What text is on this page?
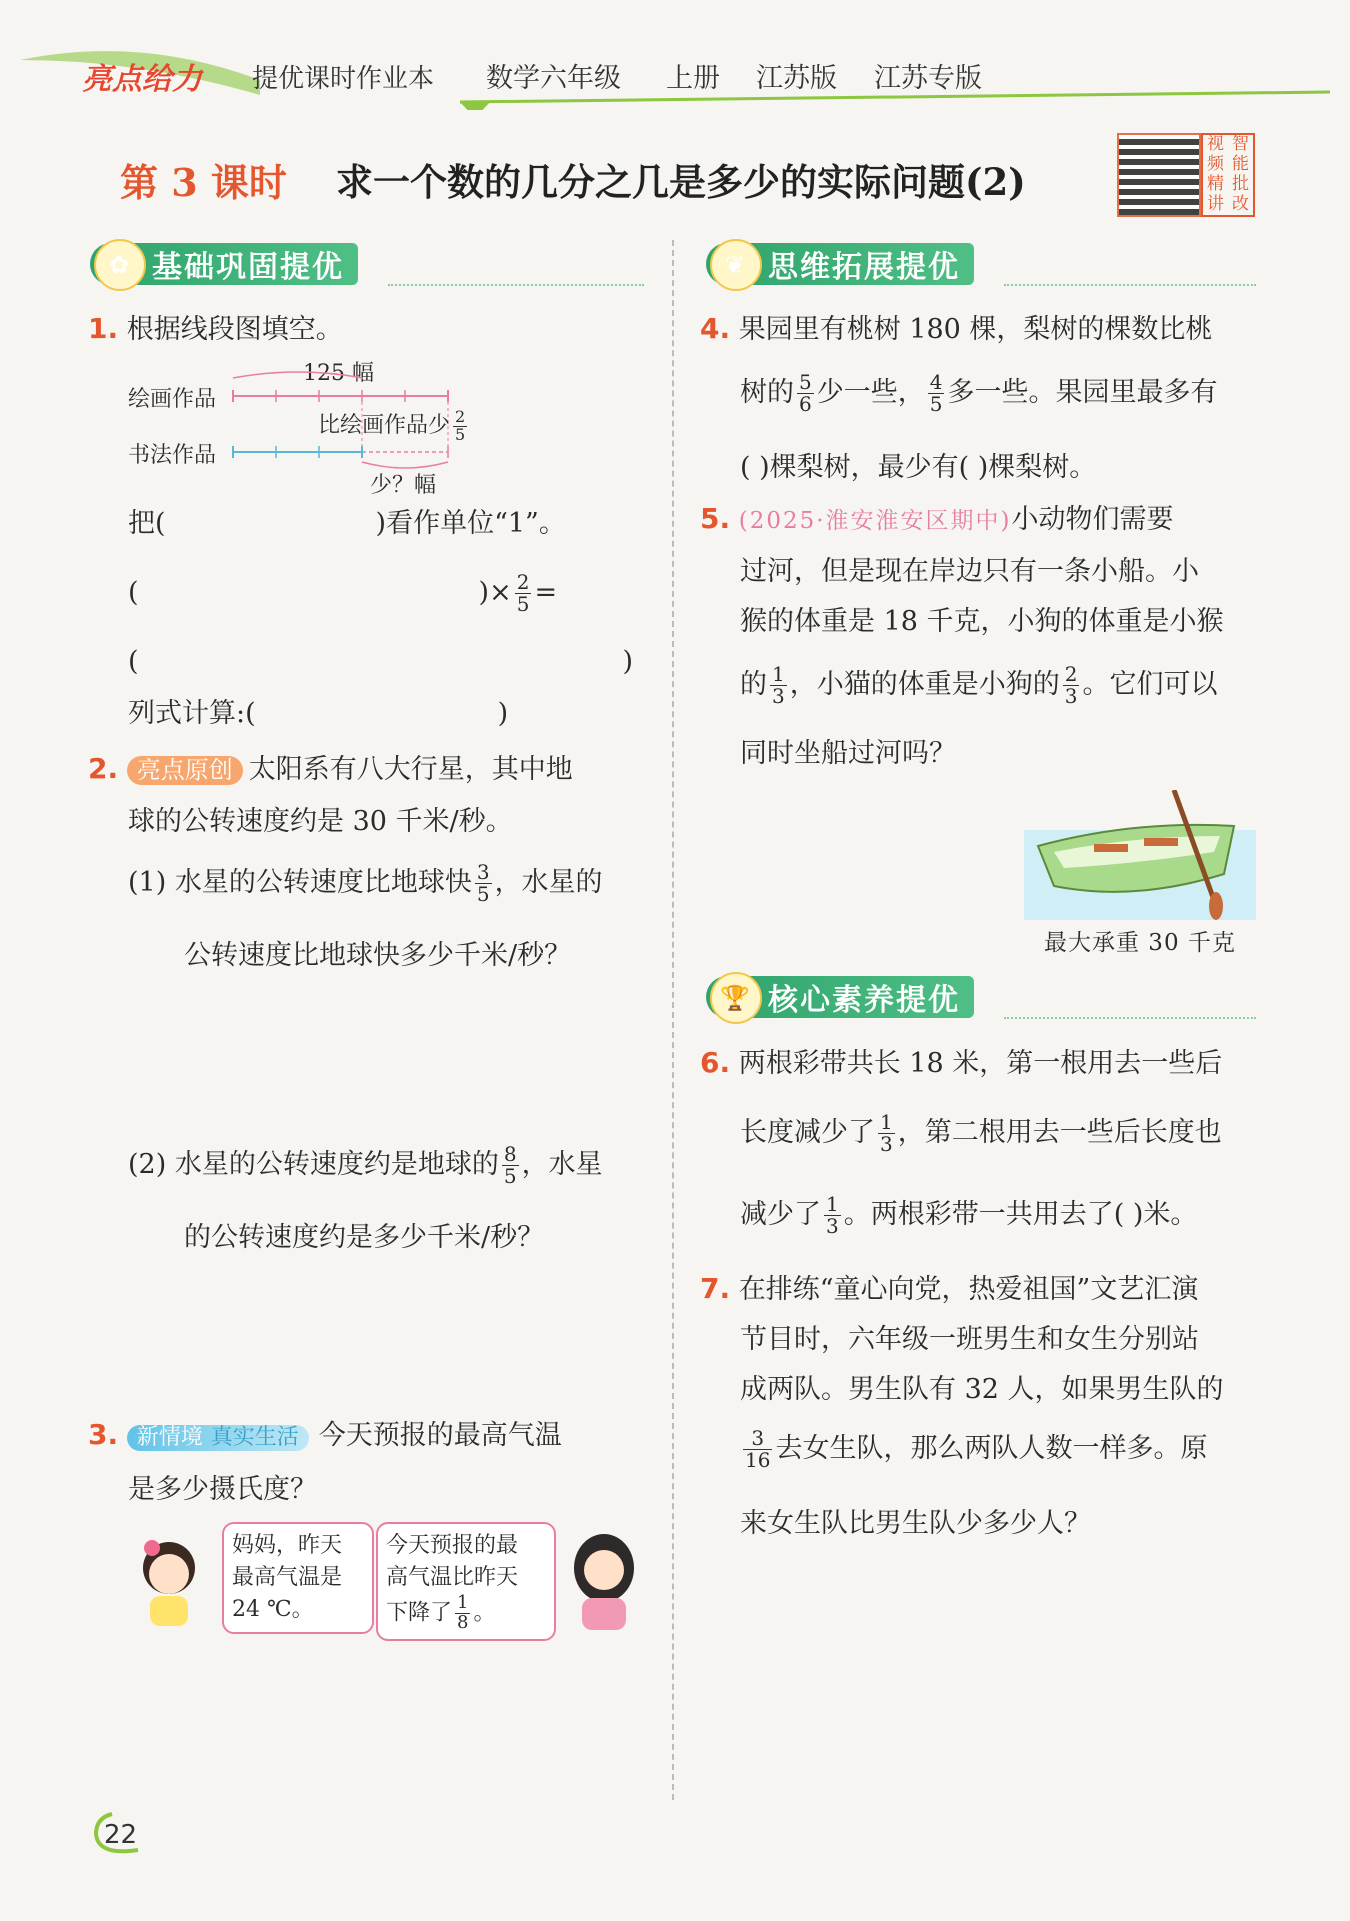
亮点给力 提优课时作业本 数学六年级 上册 江苏版 江苏专版
第 3 课时 求一个数的几分之几是多少的实际问题(2)
视 智
频 能
精 批
讲 改
✿ 基础巩固提优
1. 根据线段图填空。
绘画作品
125 幅
比绘画作品少 $\frac{2}{5}$
书法作品
少？幅
把(	)看作单位“1”。
(	)× $\frac{2}{5}$ =
(	)
列式计算:(	)
2. 亮点原创 太阳系有八大行星，其中地
球的公转速度约是 30 千米/秒。
(1) 水星的公转速度比地球快 $\frac{3}{5}$ ，水星的
公转速度比地球快多少千米/秒？
(2) 水星的公转速度约是地球的 $\frac{8}{5}$ ，水星
的公转速度约是多少千米/秒？
3. 新情境 真实生活 今天预报的最高气温
是多少摄氏度？
妈妈，昨天
最高气温是
24 ℃。
今天预报的最
高气温比昨天
下降了 $\frac{1}{8}$ 。
❦ 思维拓展提优
4. 果园里有桃树 180 棵，梨树的棵数比桃
树的 $\frac{5}{6}$ 少一些， $\frac{4}{5}$ 多一些。果园里最多有
( )棵梨树，最少有( )棵梨树。
5. (2025·淮安淮安区期中)小动物们需要
过河，但是现在岸边只有一条小船。小
猴的体重是 18 千克，小狗的体重是小猴
的 $\frac{1}{3}$ ，小猫的体重是小狗的 $\frac{2}{3}$ 。它们可以
同时坐船过河吗？
最大承重 30 千克
🏆 核心素养提优
6. 两根彩带共长 18 米，第一根用去一些后
长度减少了 $\frac{1}{3}$ ，第二根用去一些后长度也
减少了 $\frac{1}{3}$ 。两根彩带一共用去了( )米。
7. 在排练“童心向党，热爱祖国”文艺汇演
节目时，六年级一班男生和女生分别站
成两队。男生队有 32 人，如果男生队的
$\frac{3}{16}$ 去女生队，那么两队人数一样多。原
来女生队比男生队少多少人？
22
